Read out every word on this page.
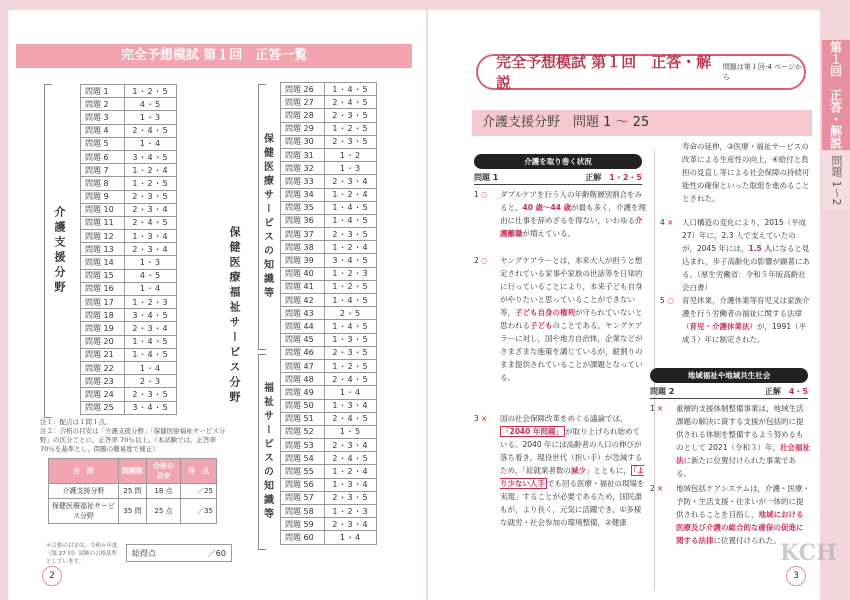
完全予想模試 第１回　正答一覧
介護支援分野
問題 1	1・2・5
問題 2	4・5
問題 3	1・3
問題 4	2・4・5
問題 5	1・4
問題 6	3・4・5
問題 7	1・2・4
問題 8	1・2・5
問題 9	2・3・5
問題 10	2・3・4
問題 11	2・4・5
問題 12	1・3・4
問題 13	2・3・4
問題 14	1・3
問題 15	4・5
問題 16	1・4
問題 17	1・2・3
問題 18	3・4・5
問題 19	2・3・4
問題 20	1・4・5
問題 21	1・4・5
問題 22	1・4
問題 23	2・3
問題 24	2・3・5
問題 25	3・4・5
保健医療福祉サービス分野
保健医療サービスの知識等
福祉サービスの知識等
問題 26	1・4・5
問題 27	2・4・5
問題 28	2・3・5
問題 29	1・2・5
問題 30	2・3・5
問題 31	1・2
問題 32	1・3
問題 33	2・3・4
問題 34	1・2・4
問題 35	1・4・5
問題 36	1・4・5
問題 37	2・3・5
問題 38	1・2・4
問題 39	3・4・5
問題 40	1・2・3
問題 41	1・2・5
問題 42	1・4・5
問題 43	2・5
問題 44	1・4・5
問題 45	1・3・5
問題 46	2・3・5
問題 47	1・2・5
問題 48	2・4・5
問題 49	1・4
問題 50	1・3・4
問題 51	2・4・5
問題 52	1・5
問題 53	2・3・4
問題 54	2・4・5
問題 55	1・2・4
問題 56	1・3・4
問題 57	2・3・5
問題 58	1・2・3
問題 59	2・3・4
問題 60	1・4
注１：配点は１問１点。
注２：合格の目安は「介護支援分野」「保健医療福祉サービス分野」の区分ごとに、正答率 70％以上。（本試験では、正答率 70％を基準とし、問題の難易度で補正）
分　野	問題数	合格の目安	得　点
介護支援分野	25 問	18 点	／25
保健医療福祉サービス分野	35 問	25 点	／35
＊合格の目安は、令和６年度（第 27 回）試験の合格基準としています。
総得点	／60
2
完全予想模試 第１回　正答・解説
問題は第１回-4 ページから
介護支援分野　問題 1 ～ 25
介護を取り巻く状況
問題 1	正解　 1・2・5
1 ○	ダブルケアを行う人の年齢階層別割合をみると，40 歳～44 歳が最も多く，介護を理由に仕事を辞めざるを得ない，いわゆる介護離職が増えている。
2 ○	ヤングケアラーとは，本来大人が担うと想定されている家事や家族の世話等を日常的に行っていることにより，本来子ども自身がやりたいと思っていることができない等，子ども自身の権利が守られていないと思われる子どものことである。ヤングケアラーに対し，国や地方自治体，企業などがさまざまな施策を講じているが，縦割りのまま提供されていることが課題となっている。
3 ×	国の社会保障改革をめぐる議論では，「2040 年問題」 が取り上げられ始めている。2040 年には高齢者の人口の伸びが落ち着き，現役世代（担い手）が急減するため，「総就業者数の減少」とともに， 「より少ない人手 でも回る医療・福祉の現場を実現」することが必要であるため，国民誰もが，より長く，元気に活躍でき，①多様な就労・社会参加の環境整備，②健康
寿命の延伸，③医療・福祉サービスの改革による生産性の向上，④給付と負担の見直し等による社会保障の持続可能性の確保といった取組を進めることとされた。
4 ×	人口構造の変化により，2015（平成 27）年に，2.3 人で支えていたのが，2045 年には，1.5 人になると見込まれ，歩子高齢化の影響が顕著にある。（厚生労働省：令和５年版高齢社会白書）
5 ○	育児休業，介護休業等育児又は家族介護を行う労働者の福祉に関する法律（育児・介護休業法）が，1991（平成３）年に制定された。
地域福祉や地域共生社会
問題 2	正解　 4・5
1 ×	重層的支援体制整備事業は，地域生活課題の解決に資する支援が包括的に提供される体制を整備するよう努めるものとして 2021（令和３）年，社会福祉法に新たに位置付けられた事業である。
2 ×	地域包括ケアシステムは，介護・医療・予防・生活支援・住まいが一体的に提供されることを目指し，地域における医療及び介護の総合的な確保の促進に関する法律に位置付けられた。 KCH
3
第１回　正答・解説
問題 1〜2
